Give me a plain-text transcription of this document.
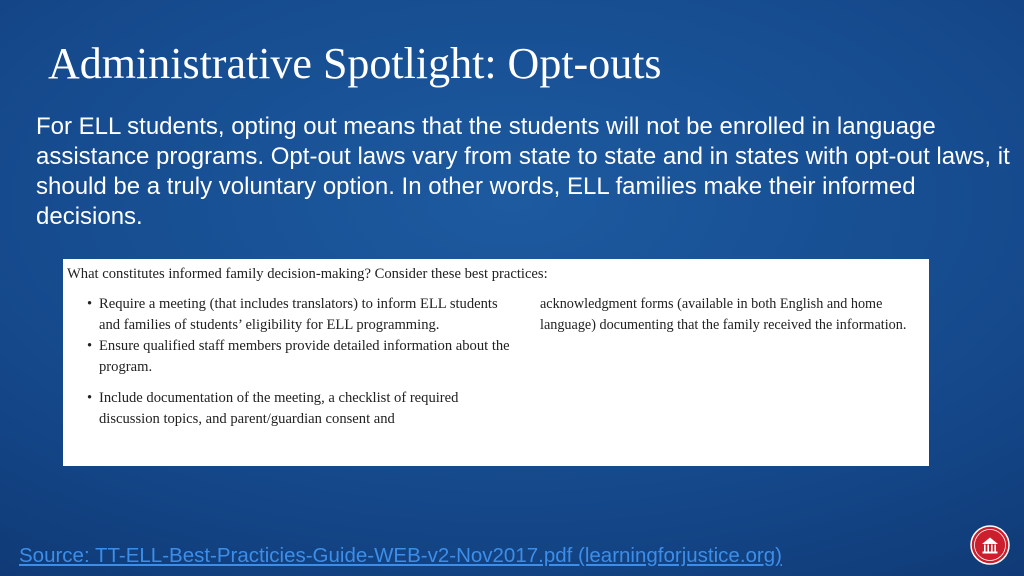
Administrative Spotlight: Opt-outs

For ELL students, opting out means that the students will not be enrolled in language assistance programs. Opt-out laws vary from state to state and in states with opt-out laws, it should be a truly voluntary option. In other words, ELL families make their informed decisions.

What constitutes informed family decision-making? Consider these best practices:

• Require a meeting (that includes translators) to inform ELL students and families of students’ eligibility for ELL programming.
• Ensure qualified staff members provide detailed information about the program.
• Include documentation of the meeting, a checklist of required discussion topics, and parent/guardian consent and

acknowledgment forms (available in both English and home language) documenting that the family received the information.

Source: TT-ELL-Best-Practicies-Guide-WEB-v2-Nov2017.pdf (learningforjustice.org)
